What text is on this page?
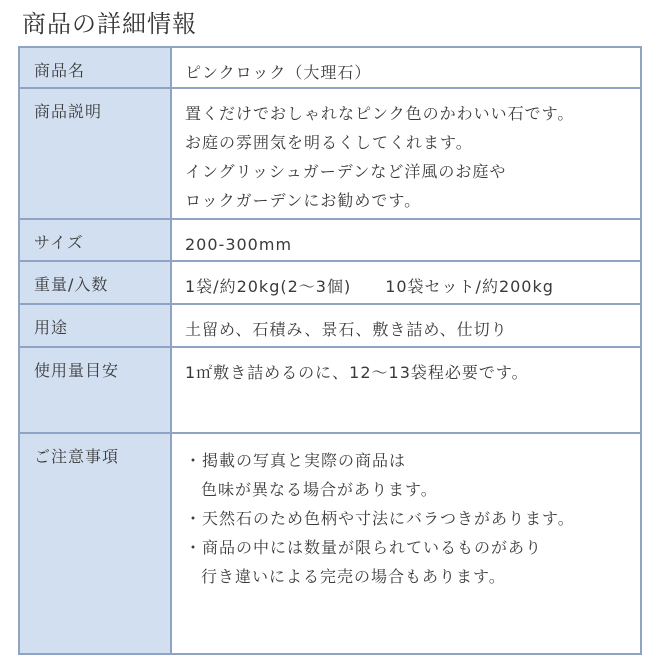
商品の詳細情報
商品名	ピンクロック（大理石）

商品説明	置くだけでおしゃれなピンク色のかわいい石です。
お庭の雰囲気を明るくしてくれます。
イングリッシュガーデンなど洋風のお庭や
ロックガーデンにお勧めです。

サイズ	200-300mm

重量/入数	1袋/約20kg(2〜3個)　　10袋セット/約200kg

用途	土留め、石積み、景石、敷き詰め、仕切り

使用量目安	1㎡敷き詰めるのに、12〜13袋程必要です。

ご注意事項	・掲載の写真と実際の商品は
色味が異なる場合があります。
・天然石のため色柄や寸法にバラつきがあります。
・商品の中には数量が限られているものがあり
行き違いによる完売の場合もあります。
